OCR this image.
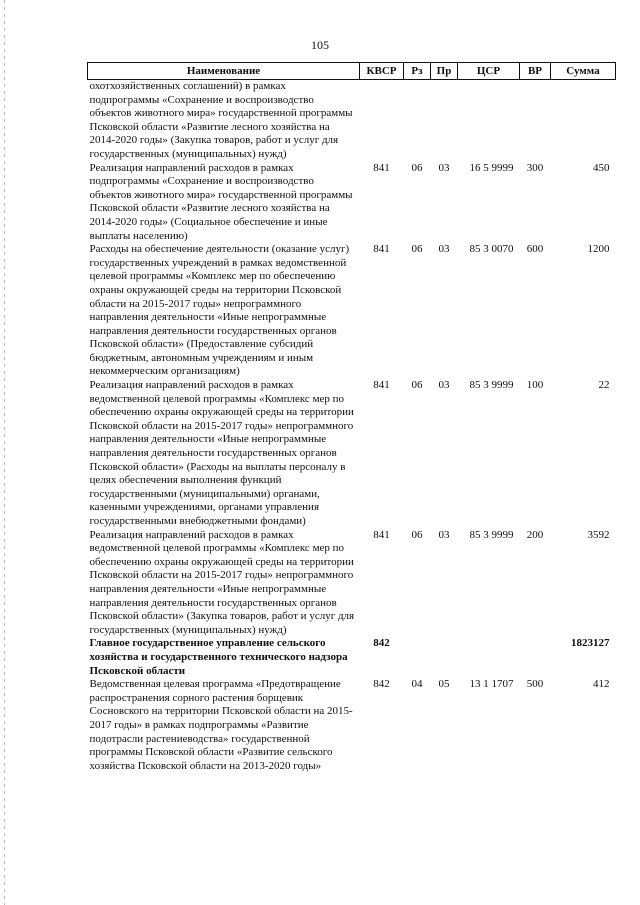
105
Наименование	КВСР	Рз	Пр	ЦСР	ВР	Сумма
охотхозяйственных соглашений) в рамках подпрограммы «Сохранение и воспроизводство объектов животного мира» государственной программы Псковской области «Развитие лесного хозяйства на 2014-2020 годы» (Закупка товаров, работ и услуг для государственных (муниципальных) нужд)						
Реализация направлений расходов в рамках подпрограммы «Сохранение и воспроизводство объектов животного мира» государственной программы Псковской области «Развитие лесного хозяйства на 2014-2020 годы» (Социальное обеспечение и иные выплаты населению)	841	06	03	16 5 9999	300	450
Расходы на обеспечение деятельности (оказание услуг) государственных учреждений в рамках ведомственной целевой программы «Комплекс мер по обеспечению охраны окружающей среды на территории Псковской области на 2015-2017 годы» непрограммного направления деятельности «Иные непрограммные направления деятельности государственных органов Псковской области» (Предоставление субсидий бюджетным, автономным учреждениям и иным некоммерческим организациям)	841	06	03	85 3 0070	600	1200
Реализация направлений расходов в рамках ведомственной целевой программы «Комплекс мер по обеспечению охраны окружающей среды на территории Псковской области на 2015-2017 годы» непрограммного направления деятельности «Иные непрограммные направления деятельности государственных органов Псковской области» (Расходы на выплаты персоналу в целях обеспечения выполнения функций государственными (муниципальными) органами, казенными учреждениями, органами управления государственными внебюджетными фондами)	841	06	03	85 3 9999	100	22
Реализация направлений расходов в рамках ведомственной целевой программы «Комплекс мер по обеспечению охраны окружающей среды на территории Псковской области на 2015-2017 годы» непрограммного направления деятельности «Иные непрограммные направления деятельности государственных органов Псковской области» (Закупка товаров, работ и услуг для государственных (муниципальных) нужд)	841	06	03	85 3 9999	200	3592
Главное государственное управление сельского хозяйства и государственного технического надзора Псковской области	842					1823127
Ведомственная целевая программа «Предотвращение распространения сорного растения борщевик Сосновского на территории Псковской области на 2015-2017 годы» в рамках подпрограммы «Развитие подотрасли растениеводства» государственной программы Псковской области «Развитие сельского хозяйства Псковской области на 2013-2020 годы»	842	04	05	13 1 1707	500	412
